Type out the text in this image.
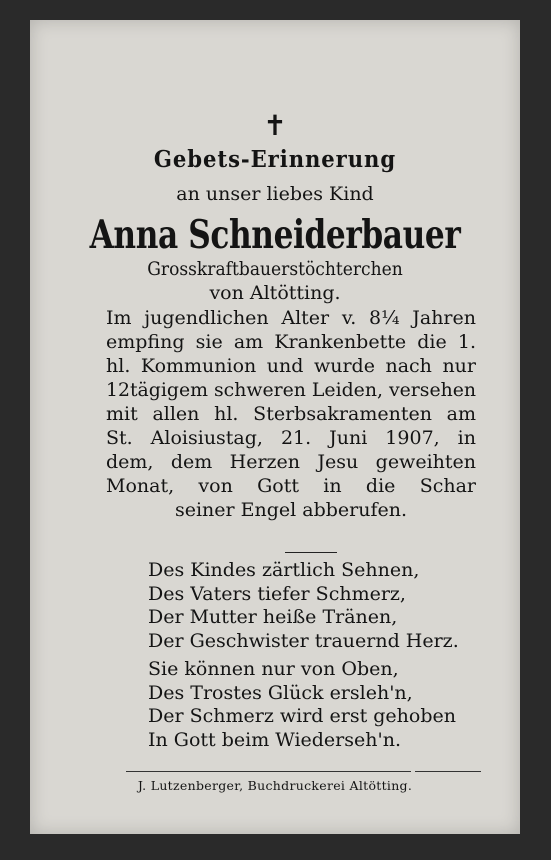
✝
Gebets-Erinnerung
an unser liebes Kind
Anna Schneiderbauer
Grosskraftbauerstöchterchen
von Altötting.
Im jugendlichen Alter v. 8¼ Jahren
empfing sie am Krankenbette die 1.
hl. Kommunion und wurde nach nur
12tägigem schweren Leiden, versehen
mit allen hl. Sterbsakramenten am
St. Aloisiustag, 21. Juni 1907, in
dem, dem Herzen Jesu geweihten
Monat, von Gott in die Schar
seiner Engel abberufen.
Des Kindes zärtlich Sehnen,
Des Vaters tiefer Schmerz,
Der Mutter heiße Tränen,
Der Geschwister trauernd Herz.
Sie können nur von Oben,
Des Trostes Glück ersleh'n,
Der Schmerz wird erst gehoben
In Gott beim Wiederseh'n.
J. Lutzenberger, Buchdruckerei Altötting.
